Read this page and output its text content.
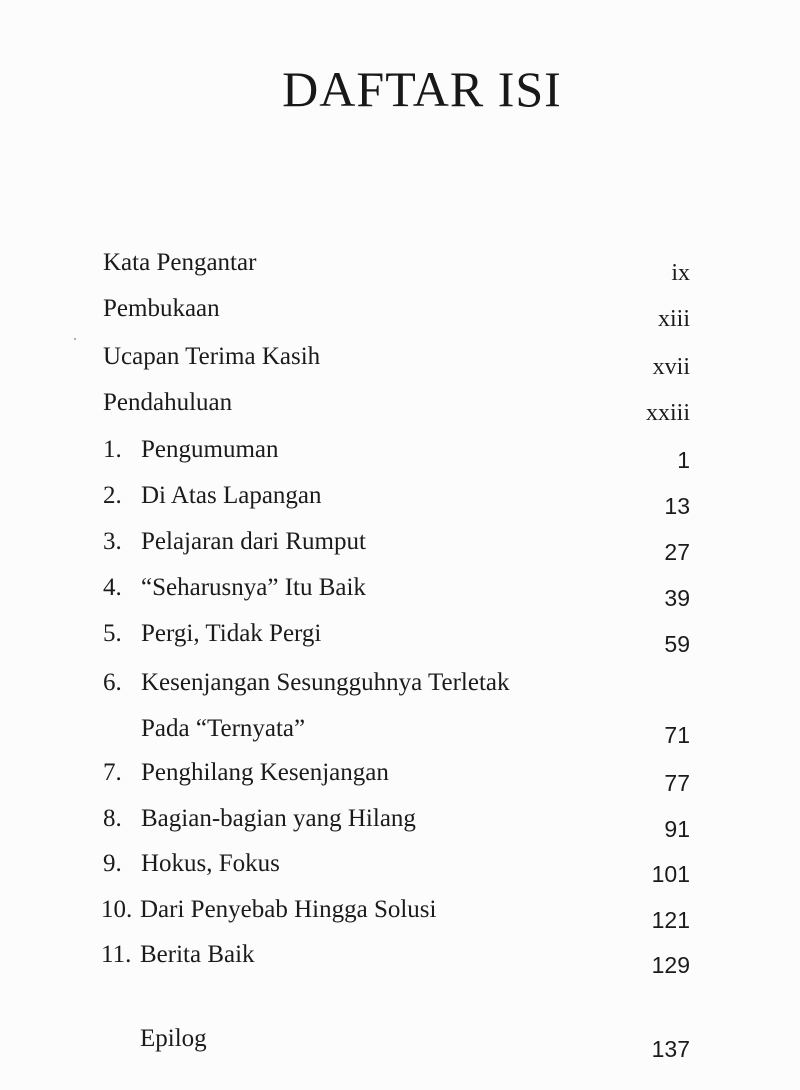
DAFTAR ISI
Kata Pengantar	ix
Pembukaan	xiii
Ucapan Terima Kasih	xvii
Pendahuluan	xxiii
1. Pengumuman	1
2. Di Atas Lapangan	13
3. Pelajaran dari Rumput	27
4. “Seharusnya” Itu Baik	39
5. Pergi, Tidak Pergi	59
6. Kesenjangan Sesungguhnya Terletak
Pada “Ternyata”	71
7. Penghilang Kesenjangan	77
8. Bagian-bagian yang Hilang	91
9. Hokus, Fokus	101
10. Dari Penyebab Hingga Solusi	121
11. Berita Baik	129
Epilog	137
